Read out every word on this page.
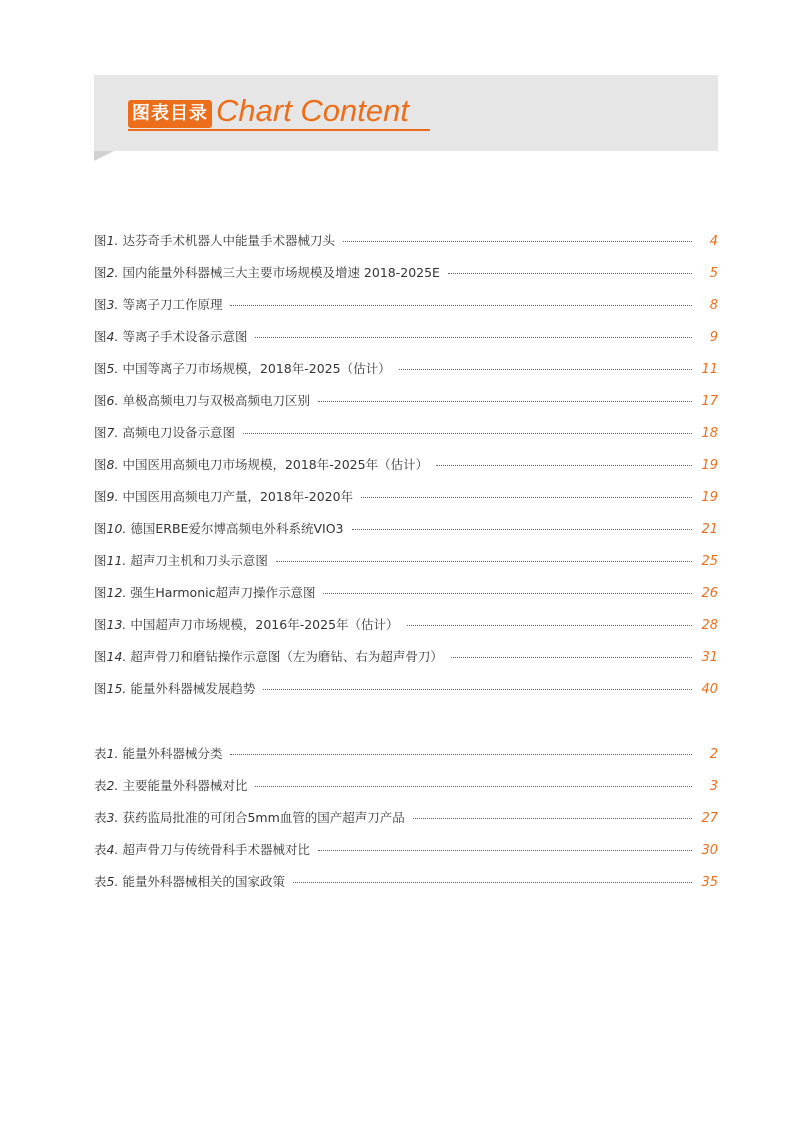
图表目录 Chart Content
图1. 达芬奇手术机器人中能量手术器械刀头	4
图2. 国内能量外科器械三大主要市场规模及增速 2018-2025E	5
图3. 等离子刀工作原理	8
图4. 等离子手术设备示意图	9
图5. 中国等离子刀市场规模，2018年-2025（估计）	11
图6. 单极高频电刀与双极高频电刀区别	17
图7. 高频电刀设备示意图	18
图8. 中国医用高频电刀市场规模，2018年-2025年（估计）	19
图9. 中国医用高频电刀产量，2018年-2020年	19
图10. 德国ERBE爱尔博高频电外科系统VIO3	21
图11. 超声刀主机和刀头示意图	25
图12. 强生Harmonic超声刀操作示意图	26
图13. 中国超声刀市场规模，2016年-2025年（估计）	28
图14. 超声骨刀和磨钻操作示意图（左为磨钻、右为超声骨刀）	31
图15. 能量外科器械发展趋势	40
表1. 能量外科器械分类	2
表2. 主要能量外科器械对比	3
表3. 获药监局批准的可闭合5mm血管的国产超声刀产品	27
表4. 超声骨刀与传统骨科手术器械对比	30
表5. 能量外科器械相关的国家政策	35
